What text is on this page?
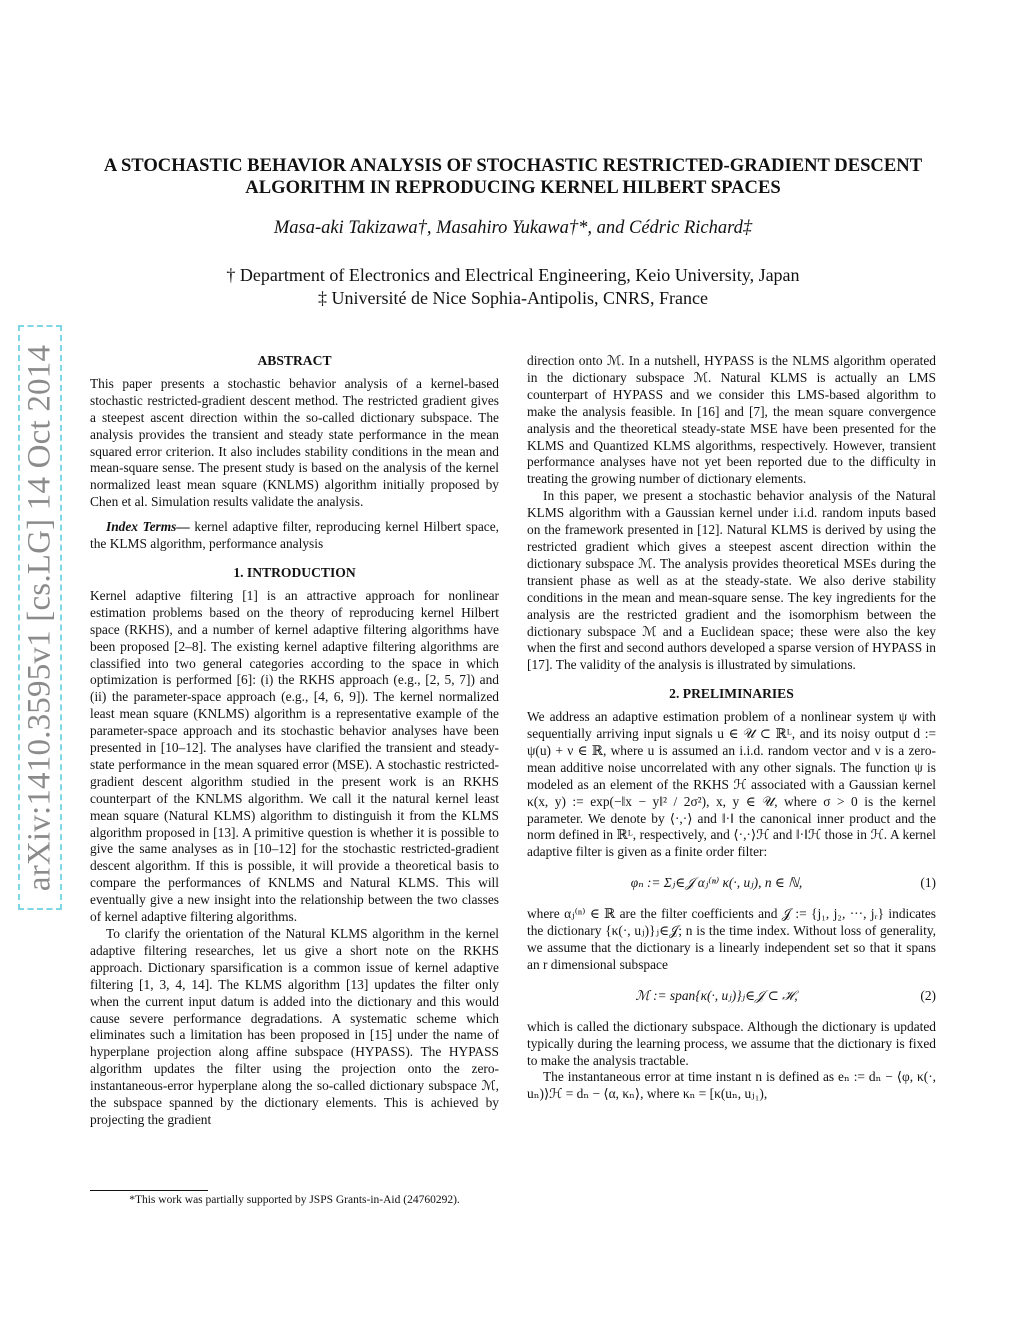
arXiv:1410.3595v1 [cs.LG] 14 Oct 2014
A STOCHASTIC BEHAVIOR ANALYSIS OF STOCHASTIC RESTRICTED-GRADIENT DESCENT ALGORITHM IN REPRODUCING KERNEL HILBERT SPACES
Masa-aki Takizawa†, Masahiro Yukawa†*, and Cédric Richard‡
† Department of Electronics and Electrical Engineering, Keio University, Japan
‡ Université de Nice Sophia-Antipolis, CNRS, France
ABSTRACT

This paper presents a stochastic behavior analysis of a kernel-based stochastic restricted-gradient descent method. The restricted gradient gives a steepest ascent direction within the so-called dictionary subspace. The analysis provides the transient and steady state performance in the mean squared error criterion. It also includes stability conditions in the mean and mean-square sense. The present study is based on the analysis of the kernel normalized least mean square (KNLMS) algorithm initially proposed by Chen et al. Simulation results validate the analysis.

Index Terms— kernel adaptive filter, reproducing kernel Hilbert space, the KLMS algorithm, performance analysis

1. INTRODUCTION

Kernel adaptive filtering [1] is an attractive approach for nonlinear estimation problems based on the theory of reproducing kernel Hilbert space (RKHS), and a number of kernel adaptive filtering algorithms have been proposed [2–8]. The existing kernel adaptive filtering algorithms are classified into two general categories according to the space in which optimization is performed [6]: (i) the RKHS approach (e.g., [2, 5, 7]) and (ii) the parameter-space approach (e.g., [4, 6, 9]). The kernel normalized least mean square (KNLMS) algorithm is a representative example of the parameter-space approach and its stochastic behavior analyses have been presented in [10–12]. The analyses have clarified the transient and steady-state performance in the mean squared error (MSE). A stochastic restricted-gradient descent algorithm studied in the present work is an RKHS counterpart of the KNLMS algorithm. We call it the natural kernel least mean square (Natural KLMS) algorithm to distinguish it from the KLMS algorithm proposed in [13]. A primitive question is whether it is possible to give the same analyses as in [10–12] for the stochastic restricted-gradient descent algorithm. If this is possible, it will provide a theoretical basis to compare the performances of KNLMS and Natural KLMS. This will eventually give a new insight into the relationship between the two classes of kernel adaptive filtering algorithms.

To clarify the orientation of the Natural KLMS algorithm in the kernel adaptive filtering researches, let us give a short note on the RKHS approach. Dictionary sparsification is a common issue of kernel adaptive filtering [1, 3, 4, 14]. The KLMS algorithm [13] updates the filter only when the current input datum is added into the dictionary and this would cause severe performance degradations. A systematic scheme which eliminates such a limitation has been proposed in [15] under the name of hyperplane projection along affine subspace (HYPASS). The HYPASS algorithm updates the filter using the projection onto the zero-instantaneous-error hyperplane along the so-called dictionary subspace ℳ, the subspace spanned by the dictionary elements. This is achieved by projecting the gradient

direction onto ℳ. In a nutshell, HYPASS is the NLMS algorithm operated in the dictionary subspace ℳ. Natural KLMS is actually an LMS counterpart of HYPASS and we consider this LMS-based algorithm to make the analysis feasible. In [16] and [7], the mean square convergence analysis and the theoretical steady-state MSE have been presented for the KLMS and Quantized KLMS algorithms, respectively. However, transient performance analyses have not yet been reported due to the difficulty in treating the growing number of dictionary elements.

In this paper, we present a stochastic behavior analysis of the Natural KLMS algorithm with a Gaussian kernel under i.i.d. random inputs based on the framework presented in [12]. Natural KLMS is derived by using the restricted gradient which gives a steepest ascent direction within the dictionary subspace ℳ. The analysis provides theoretical MSEs during the transient phase as well as at the steady-state. We also derive stability conditions in the mean and mean-square sense. The key ingredients for the analysis are the restricted gradient and the isomorphism between the dictionary subspace ℳ and a Euclidean space; these were also the key when the first and second authors developed a sparse version of HYPASS in [17]. The validity of the analysis is illustrated by simulations.

2. PRELIMINARIES

We address an adaptive estimation problem of a nonlinear system ψ with sequentially arriving input signals u ∈ 𝒰 ⊂ ℝᴸ, and its noisy output d := ψ(u) + ν ∈ ℝ, where u is assumed an i.i.d. random vector and ν is a zero-mean additive noise uncorrelated with any other signals. The function ψ is modeled as an element of the RKHS ℋ associated with a Gaussian kernel κ(x, y) := exp(−‖x − y‖² / 2σ²), x, y ∈ 𝒰, where σ > 0 is the kernel parameter. We denote by ⟨·,·⟩ and ‖·‖ the canonical inner product and the norm defined in ℝᴸ, respectively, and ⟨·,·⟩ℋ and ‖·‖ℋ those in ℋ. A kernel adaptive filter is given as a finite order filter:

φₙ := Σⱼ∈𝒥 αⱼ⁽ⁿ⁾ κ(·, uⱼ), n ∈ ℕ,	(1)

where αⱼ⁽ⁿ⁾ ∈ ℝ are the filter coefficients and 𝒥 := {j₁, j₂, ···, jᵣ} indicates the dictionary {κ(·, uⱼ)}ⱼ∈𝒥; n is the time index. Without loss of generality, we assume that the dictionary is a linearly independent set so that it spans an r dimensional subspace

ℳ := span{κ(·, uⱼ)}ⱼ∈𝒥 ⊂ ℋ,	(2)

which is called the dictionary subspace. Although the dictionary is updated typically during the learning process, we assume that the dictionary is fixed to make the analysis tractable.

The instantaneous error at time instant n is defined as eₙ := dₙ − ⟨φ, κ(·, uₙ)⟩ℋ = dₙ − ⟨α, κₙ⟩, where κₙ = [κ(uₙ, uⱼ₁),

*This work was partially supported by JSPS Grants-in-Aid (24760292).
